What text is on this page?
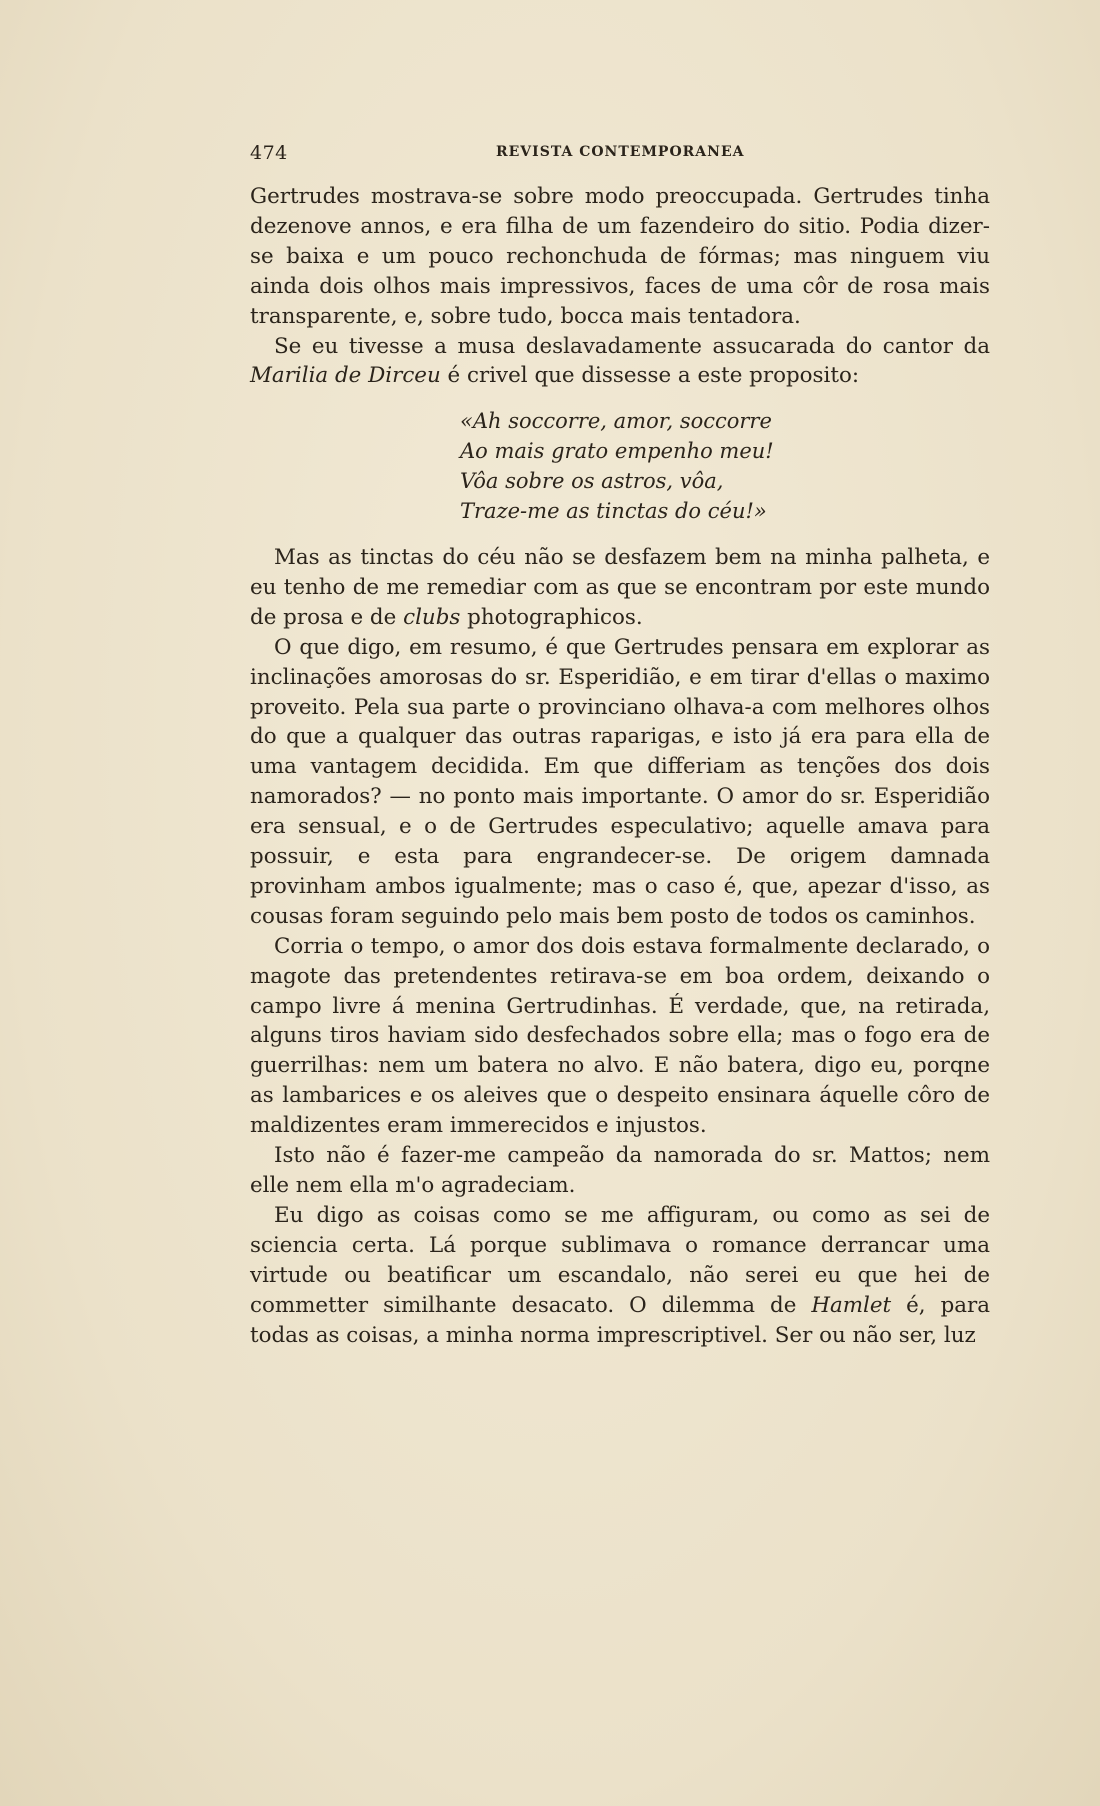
474	REVISTA CONTEMPORANEA

Gertrudes mostrava-se sobre modo preoccupada. Gertrudes tinha dezenove annos, e era filha de um fazendeiro do sitio. Podia dizer-se baixa e um pouco rechonchuda de fórmas; mas ninguem viu ainda dois olhos mais impressivos, faces de uma côr de rosa mais transparente, e, sobre tudo, bocca mais tentadora.

Se eu tivesse a musa deslavadamente assucarada do cantor da Marilia de Dirceu é crivel que dissesse a este proposito:

«Ah soccorre, amor, soccorre
Ao mais grato empenho meu!
Vôa sobre os astros, vôa,
Traze-me as tinctas do céu!»

Mas as tinctas do céu não se desfazem bem na minha palheta, e eu tenho de me remediar com as que se encontram por este mundo de prosa e de clubs photographicos.

O que digo, em resumo, é que Gertrudes pensara em explorar as inclinações amorosas do sr. Esperidião, e em tirar d'ellas o maximo proveito. Pela sua parte o provinciano olhava-a com melhores olhos do que a qualquer das outras raparigas, e isto já era para ella de uma vantagem decidida. Em que differiam as tenções dos dois namorados? — no ponto mais importante. O amor do sr. Esperidião era sensual, e o de Gertrudes especulativo; aquelle amava para possuir, e esta para engrandecer-se. De origem damnada provinham ambos igualmente; mas o caso é, que, apezar d'isso, as cousas foram seguindo pelo mais bem posto de todos os caminhos.

Corria o tempo, o amor dos dois estava formalmente declarado, o magote das pretendentes retirava-se em boa ordem, deixando o campo livre á menina Gertrudinhas. É verdade, que, na retirada, alguns tiros haviam sido desfechados sobre ella; mas o fogo era de guerrilhas: nem um batera no alvo. E não batera, digo eu, porqne as lambarices e os aleives que o despeito ensinara áquelle côro de maldizentes eram immerecidos e injustos.

Isto não é fazer-me campeão da namorada do sr. Mattos; nem elle nem ella m'o agradeciam.

Eu digo as coisas como se me affiguram, ou como as sei de sciencia certa. Lá porque sublimava o romance derrancar uma virtude ou beatificar um escandalo, não serei eu que hei de commetter similhante desacato. O dilemma de Hamlet é, para todas as coisas, a minha norma imprescriptivel. Ser ou não ser, luz
